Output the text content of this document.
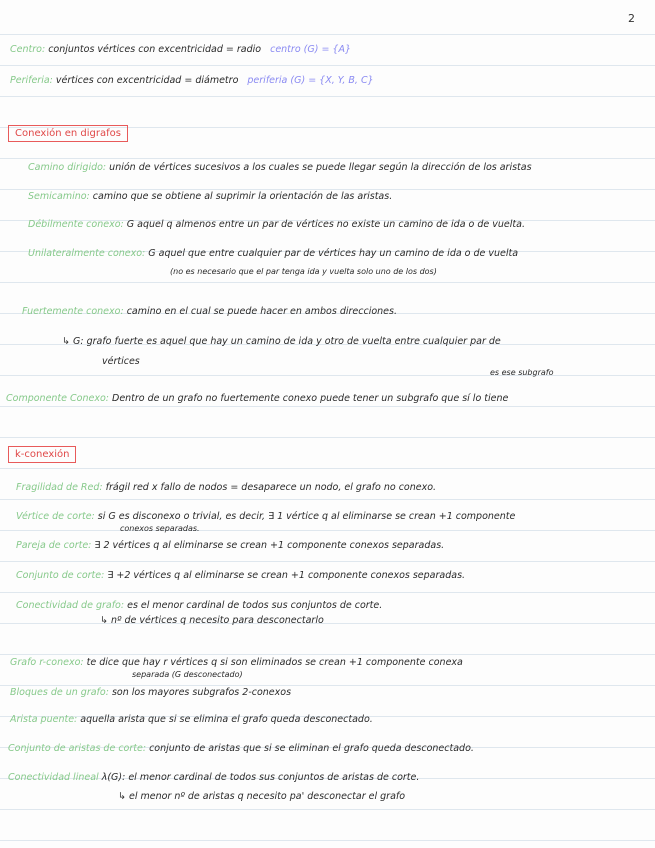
2
Centro: conjuntos vértices con excentricidad = radio centro (G) = {A}
Periferia: vértices con excentricidad = diámetro periferia (G) = {X, Y, B, C}
Conexión en digrafos
Camino dirigido: unión de vértices sucesivos a los cuales se puede llegar según la dirección de los aristas
Semicamino: camino que se obtiene al suprimir la orientación de las aristas.
Débilmente conexo: G aquel q almenos entre un par de vértices no existe un camino de ida o de vuelta.
Unilateralmente conexo: G aquel que entre cualquier par de vértices hay un camino de ida o de vuelta
(no es necesario que el par tenga ida y vuelta solo uno de los dos)
Fuertemente conexo: camino en el cual se puede hacer en ambos direcciones.
↳ G: grafo fuerte es aquel que hay un camino de ida y otro de vuelta entre cualquier par de
vértices
es ese subgrafo
Componente Conexo: Dentro de un grafo no fuertemente conexo puede tener un subgrafo que sí lo tiene
k-conexión
Fragilidad de Red: frágil red x fallo de nodos = desaparece un nodo, el grafo no conexo.
Vértice de corte: si G es disconexo o trivial, es decir, ∃ 1 vértice q al eliminarse se crean +1 componente
conexos separadas.
Pareja de corte: ∃ 2 vértices q al eliminarse se crean +1 componente conexos separadas.
Conjunto de corte: ∃ +2 vértices q al eliminarse se crean +1 componente conexos separadas.
Conectividad de grafo: es el menor cardinal de todos sus conjuntos de corte.
↳ nº de vértices q necesito para desconectarlo
Grafo r-conexo: te dice que hay r vértices q si son eliminados se crean +1 componente conexa
separada (G desconectado)
Bloques de un grafo: son los mayores subgrafos 2-conexos
Arista puente: aquella arista que si se elimina el grafo queda desconectado.
Conjunto de aristas de corte: conjunto de aristas que si se eliminan el grafo queda desconectado.
Conectividad lineal λ(G): el menor cardinal de todos sus conjuntos de aristas de corte.
↳ el menor nº de aristas q necesito pa' desconectar el grafo
